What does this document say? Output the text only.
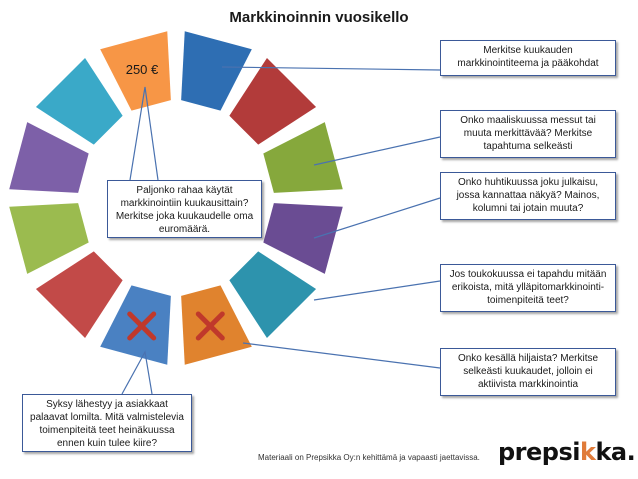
Markkinoinnin vuosikello
250 €
Merkitse kuukauden markkinointiteema ja pääkohdat
Onko maaliskuussa messut tai muuta merkittävää? Merkitse tapahtuma selkeästi
Onko huhtikuussa joku julkaisu, jossa kannattaa näkyä? Mainos, kolumni tai jotain muuta?
Jos toukokuussa ei tapahdu mitään erikoista, mitä ylläpitomarkkinointi-toimenpiteitä teet?
Onko kesällä hiljaista? Merkitse selkeästi kuukaudet, jolloin ei aktiivista markkinointia
Paljonko rahaa käytät markkinointiin kuukausittain? Merkitse joka kuukaudelle oma euromäärä.
Syksy lähestyy ja asiakkaat palaavat lomilta. Mitä valmistelevia toimenpiteitä teet heinäkuussa ennen kuin tulee kiire?
Materiaali on Prepsikka Oy:n kehittämä ja vapaasti jaettavissa. prepsikka.
